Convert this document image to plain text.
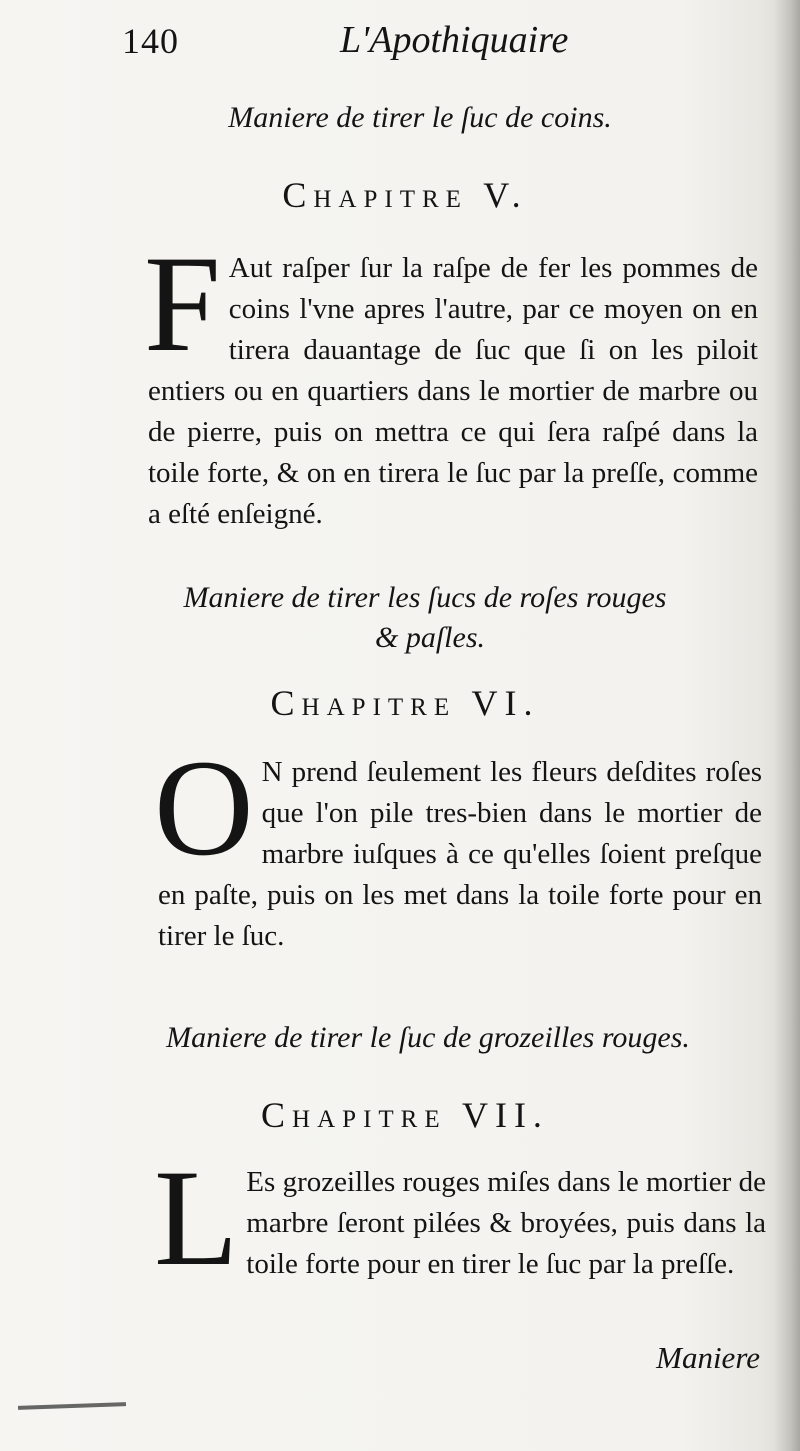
140	L'Apothiquaire
Maniere de tirer le ſuc de coins.
Chapitre V.
F Aut raſper ſur la raſpe de fer les pommes de coins l'vne apres l'autre, par ce moyen on en tirera dauantage de ſuc que ſi on les piloit entiers ou en quartiers dans le mortier de marbre ou de pierre, puis on mettra ce qui ſera raſpé dans la toile forte, & on en tirera le ſuc par la preſſe, comme a eſté enſeigné.
Maniere de tirer les ſucs de roſes rouges
& paſles.
Chapitre VI.
O N prend ſeulement les fleurs deſdites roſes que l'on pile tres-bien dans le mortier de marbre iuſques à ce qu'elles ſoient preſque en paſte, puis on les met dans la toile forte pour en tirer le ſuc.
Maniere de tirer le ſuc de grozeilles rouges.
Chapitre VII.
L Es grozeilles rouges miſes dans le mortier de marbre ſeront pilées & broyées, puis dans la toile forte pour en tirer le ſuc par la preſſe.
Maniere
